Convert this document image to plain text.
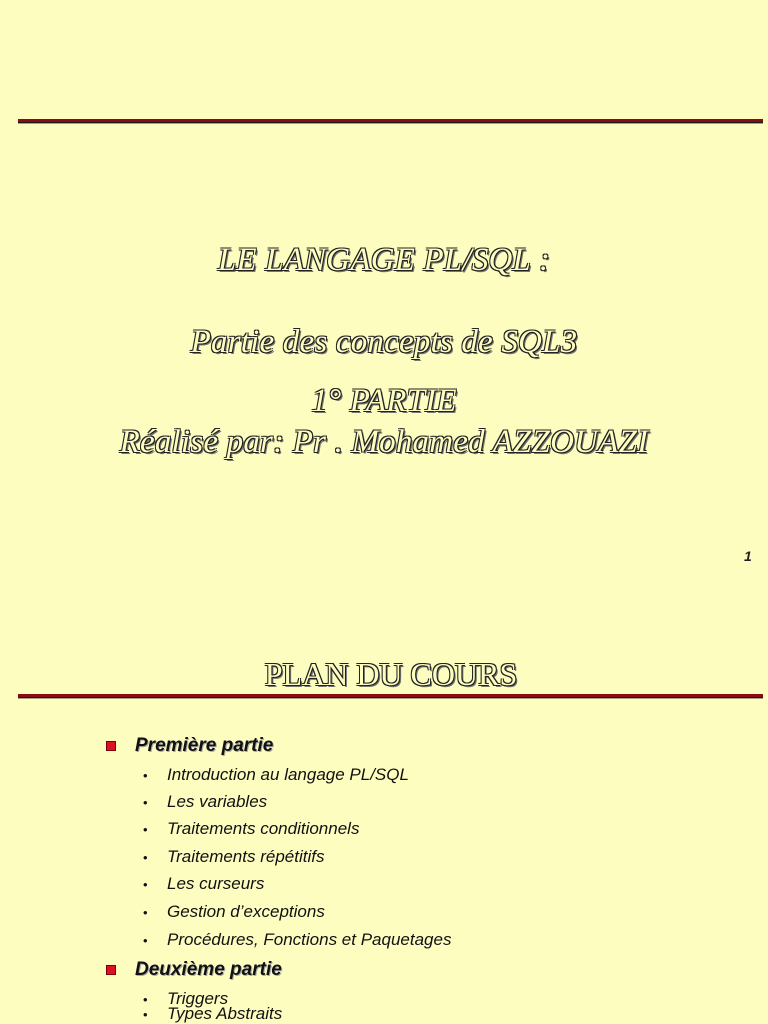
LE LANGAGE PL/SQL :
Partie des concepts de SQL3
1° PARTIE
Réalisé par: Pr . Mohamed AZZOUAZI
1
PLAN DU COURS
Première partie
•	Introduction au langage PL/SQL
•	Les variables
•	Traitements conditionnels
•	Traitements répétitifs
•	Les curseurs
•	Gestion d’exceptions
•	Procédures, Fonctions et Paquetages
Deuxième partie
•	Triggers
•	Types Abstraits
